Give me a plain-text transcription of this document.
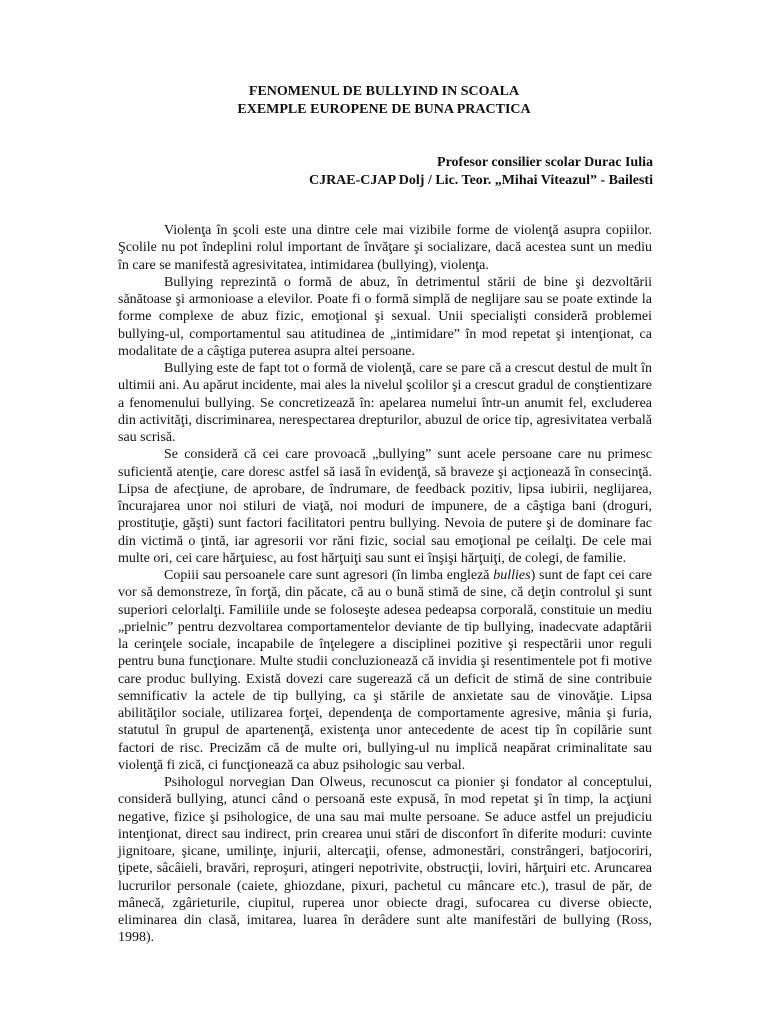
FENOMENUL DE BULLYIND IN SCOALA
EXEMPLE EUROPENE DE BUNA PRACTICA
Profesor consilier scolar Durac Iulia
CJRAE-CJAP Dolj / Lic. Teor. „Mihai Viteazul” - Bailesti

Violenţa în şcoli este una dintre cele mai vizibile forme de violenţă asupra copiilor. Şcolile nu pot îndeplini rolul important de învăţare şi socializare, dacă acestea sunt un mediu în care se manifestă agresivitatea, intimidarea (bullying), violenţa.

Bullying reprezintă o formă de abuz, în detrimentul stării de bine şi dezvoltării sănătoase şi armonioase a elevilor. Poate fi o formă simplă de neglijare sau se poate extinde la forme complexe de abuz fizic, emoţional şi sexual. Unii specialişti consideră problemei bullying-ul, comportamentul sau atitudinea de „intimidare” în mod repetat şi intenţionat, ca modalitate de a câştiga puterea asupra altei persoane.

Bullying este de fapt tot o formă de violenţă, care se pare că a crescut destul de mult în ultimii ani. Au apărut incidente, mai ales la nivelul şcolilor şi a crescut gradul de conştientizare a fenomenului bullying. Se concretizează în: apelarea numelui într-un anumit fel, excluderea din activităţi, discriminarea, nerespectarea drepturilor, abuzul de orice tip, agresivitatea verbală sau scrisă.

Se consideră că cei care provoacă „bullying” sunt acele persoane care nu primesc suficientă atenţie, care doresc astfel să iasă în evidenţă, să braveze şi acţionează în consecinţă. Lipsa de afecţiune, de aprobare, de îndrumare, de feedback pozitiv, lipsa iubirii, neglijarea, încurajarea unor noi stiluri de viaţă, noi moduri de impunere, de a câştiga bani (droguri, prostituţie, găşti) sunt factori facilitatori pentru bullying. Nevoia de putere şi de dominare fac din victimă o ţintă, iar agresorii vor răni fizic, social sau emoţional pe ceilalţi. De cele mai multe ori, cei care hărţuiesc, au fost hărţuiţi sau sunt ei înşişi hărţuiţi, de colegi, de familie.

Copiii sau persoanele care sunt agresori (în limba engleză bullies) sunt de fapt cei care vor să demonstreze, în forţă, din păcate, că au o bună stimă de sine, că deţin controlul şi sunt superiori celorlalţi. Familiile unde se foloseşte adesea pedeapsa corporală, constituie un mediu „prielnic” pentru dezvoltarea comportamentelor deviante de tip bullying, inadecvate adaptării la cerinţele sociale, incapabile de înţelegere a disciplinei pozitive şi respectării unor reguli pentru buna funcţionare. Multe studii concluzionează că invidia şi resentimentele pot fi motive care produc bullying. Există dovezi care sugerează că un deficit de stimă de sine contribuie semnificativ la actele de tip bullying, ca şi stările de anxietate sau de vinovăţie. Lipsa abilităţilor sociale, utilizarea forţei, dependenţa de comportamente agresive, mânia şi furia, statutul în grupul de apartenenţă, existenţa unor antecedente de acest tip în copilărie sunt factori de risc. Precizăm că de multe ori, bullying-ul nu implică neapărat criminalitate sau violenţă fi zică, ci funcţionează ca abuz psihologic sau verbal.

Psihologul norvegian Dan Olweus, recunoscut ca pionier şi fondator al conceptului, consideră bullying, atunci când o persoană este expusă, în mod repetat şi în timp, la acţiuni negative, fizice şi psihologice, de una sau mai multe persoane. Se aduce astfel un prejudiciu intenţionat, direct sau indirect, prin crearea unui stări de disconfort în diferite moduri: cuvinte jignitoare, şicane, umilinţe, injurii, altercaţii, ofense, admonestări, constrângeri, batjocoriri, ţipete, sâcâieli, bravări, reproşuri, atingeri nepotrivite, obstrucţii, loviri, hărţuiri etc. Aruncarea lucrurilor personale (caiete, ghiozdane, pixuri, pachetul cu mâncare etc.), trasul de păr, de mânecă, zgârieturile, ciupitul, ruperea unor obiecte dragi, sufocarea cu diverse obiecte, eliminarea din clasă, imitarea, luarea în derâdere sunt alte manifestări de bullying (Ross, 1998).
